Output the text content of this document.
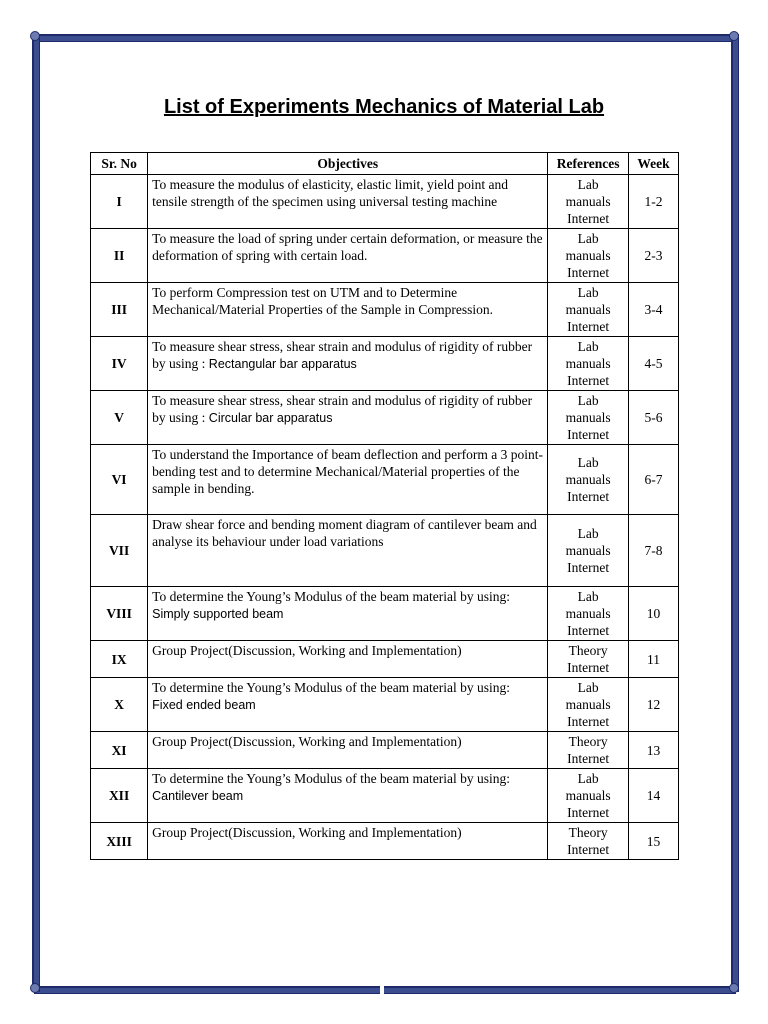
List of Experiments Mechanics of Material Lab
Sr. No	Objectives	References	Week
I	To measure the modulus of elasticity, elastic limit, yield point and tensile strength of the specimen using universal testing machine	Lab
manuals
Internet	1-2
II	To measure the load of spring under certain deformation, or measure the deformation of spring with certain load.	Lab
manuals
Internet	2-3
III	To perform Compression test on UTM and to Determine Mechanical/Material Properties of the Sample in Compression.	Lab
manuals
Internet	3-4
IV	To measure shear stress, shear strain and modulus of rigidity of rubber by using : Rectangular bar apparatus	Lab
manuals
Internet	4-5
V	To measure shear stress, shear strain and modulus of rigidity of rubber by using : Circular bar apparatus	Lab
manuals
Internet	5-6
VI	To understand the Importance of beam deflection and perform a 3 point-bending test and to determine Mechanical/Material properties of the sample in bending.	Lab
manuals
Internet	6-7
VII	Draw shear force and bending moment diagram of cantilever beam and analyse its behaviour under load variations	Lab
manuals
Internet	7-8
VIII	To determine the Young’s Modulus of the beam material by using: Simply supported beam	Lab
manuals
Internet	10
IX	Group Project(Discussion, Working and Implementation)	Theory
Internet	11
X	To determine the Young’s Modulus of the beam material by using: Fixed ended beam	Lab
manuals
Internet	12
XI	Group Project(Discussion, Working and Implementation)	Theory
Internet	13
XII	To determine the Young’s Modulus of the beam material by using: Cantilever beam	Lab
manuals
Internet	14
XIII	Group Project(Discussion, Working and Implementation)	Theory
Internet	15
